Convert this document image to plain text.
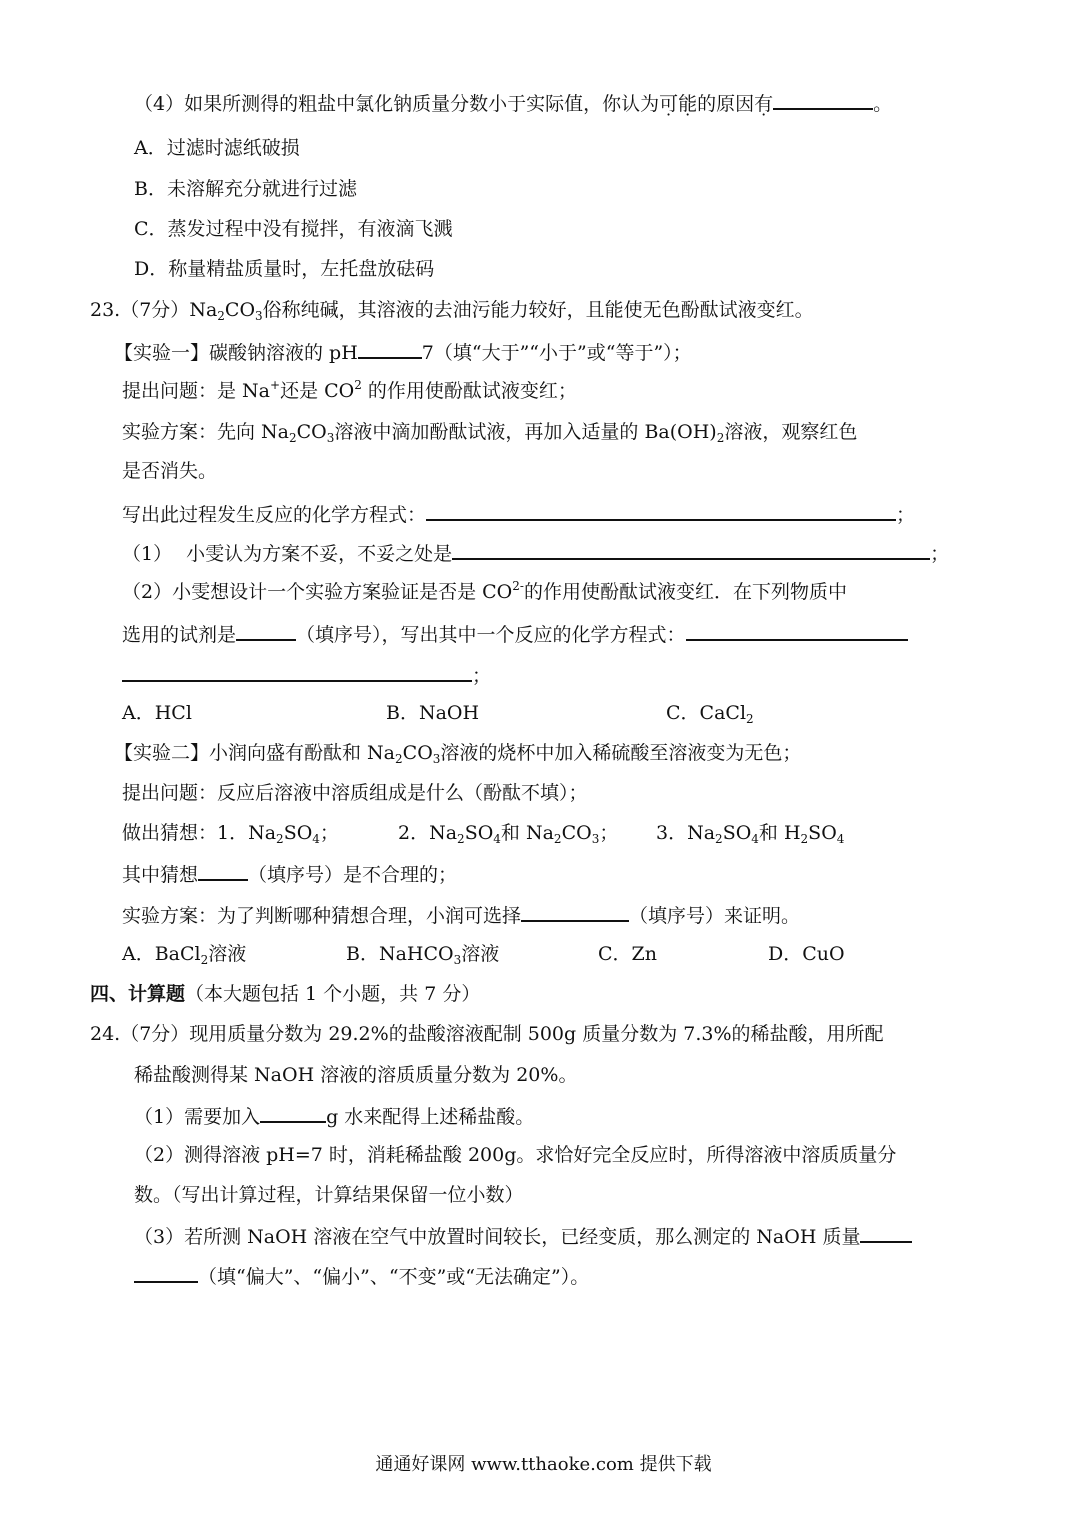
（4）如果所测得的粗盐中氯化钠质量分数小于实际值，你认为可能的原因有	。
A．过滤时滤纸破损
B．未溶解充分就进行过滤
C．蒸发过程中没有搅拌，有液滴飞溅
D．称量精盐质量时，左托盘放砝码
23.（7分）$Na_2CO_3$俗称纯碱，其溶液的去油污能力较好，且能使无色酚酞试液变红。
【实验一】碳酸钠溶液的 pH	7（填“大于”“小于”或“等于”）；
提出问题：是 Na+还是 $CO^2$ 的作用使酚酞试液变红；
实验方案：先向 $Na_2CO_3$溶液中滴加酚酞试液，再加入适量的 $Ba(OH)_2$溶液，观察红色
是否消失。
写出此过程发生反应的化学方程式：	；
（1） 小雯认为方案不妥，不妥之处是	；
（2）小雯想设计一个实验方案验证是否是 $CO^{2-}$的作用使酚酞试液变红．在下列物质中
选用的试剂是	（填序号），写出其中一个反应的化学方程式：
；
A．HCl	B．NaOH	C．CaCl$_2$
【实验二】小润向盛有酚酞和 $Na_2CO_3$溶液的烧杯中加入稀硫酸至溶液变为无色；
提出问题：反应后溶液中溶质组成是什么（酚酞不填）；
做出猜想：1．$Na_2SO_4$；	2．$Na_2SO_4$和 $Na_2CO_3$； 3．$Na_2SO_4$和 $H_2SO_4$
其中猜想	（填序号）是不合理的；
实验方案：为了判断哪种猜想合理，小润可选择	（填序号）来证明。
A．BaCl$_2$溶液	B．NaHCO$_3$溶液	C．Zn	D．CuO
四、计算题（本大题包括 1 个小题，共 7 分）
24.（7分）现用质量分数为 29.2%的盐酸溶液配制 500g 质量分数为 7.3%的稀盐酸，用所配
稀盐酸测得某 NaOH 溶液的溶质质量分数为 20%。
（1）需要加入	g 水来配得上述稀盐酸。
（2）测得溶液 pH=7 时，消耗稀盐酸 200g。求恰好完全反应时，所得溶液中溶质质量分
数。（写出计算过程，计算结果保留一位小数）
（3）若所测 NaOH 溶液在空气中放置时间较长，已经变质，那么测定的 NaOH 质量
（填“偏大”、“偏小”、“不变”或“无法确定”）。
通通好课网 www.tthaoke.com 提供下载
